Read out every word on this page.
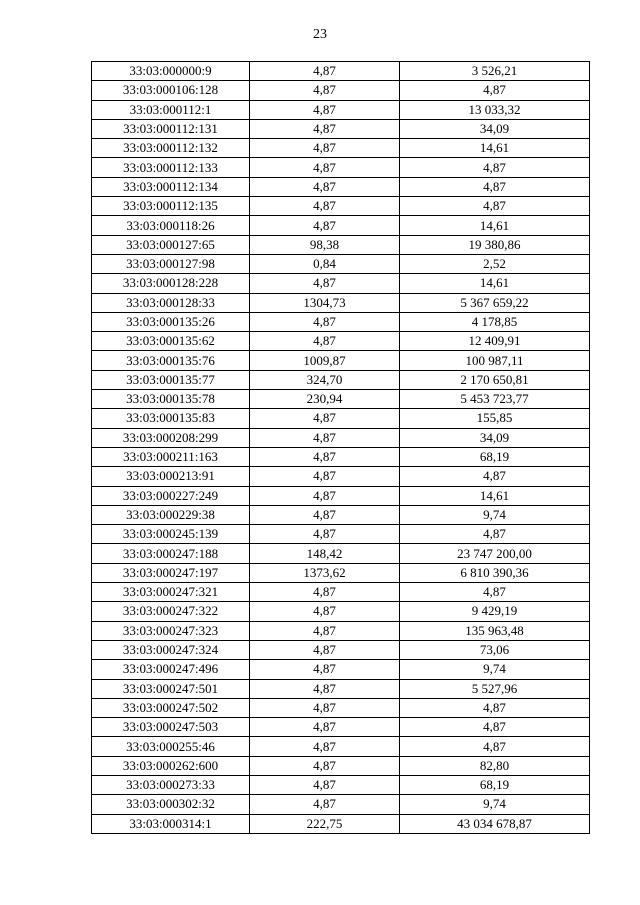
23
33:03:000000:9	4,87	3 526,21
33:03:000106:128	4,87	4,87
33:03:000112:1	4,87	13 033,32
33:03:000112:131	4,87	34,09
33:03:000112:132	4,87	14,61
33:03:000112:133	4,87	4,87
33:03:000112:134	4,87	4,87
33:03:000112:135	4,87	4,87
33:03:000118:26	4,87	14,61
33:03:000127:65	98,38	19 380,86
33:03:000127:98	0,84	2,52
33:03:000128:228	4,87	14,61
33:03:000128:33	1304,73	5 367 659,22
33:03:000135:26	4,87	4 178,85
33:03:000135:62	4,87	12 409,91
33:03:000135:76	1009,87	100 987,11
33:03:000135:77	324,70	2 170 650,81
33:03:000135:78	230,94	5 453 723,77
33:03:000135:83	4,87	155,85
33:03:000208:299	4,87	34,09
33:03:000211:163	4,87	68,19
33:03:000213:91	4,87	4,87
33:03:000227:249	4,87	14,61
33:03:000229:38	4,87	9,74
33:03:000245:139	4,87	4,87
33:03:000247:188	148,42	23 747 200,00
33:03:000247:197	1373,62	6 810 390,36
33:03:000247:321	4,87	4,87
33:03:000247:322	4,87	9 429,19
33:03:000247:323	4,87	135 963,48
33:03:000247:324	4,87	73,06
33:03:000247:496	4,87	9,74
33:03:000247:501	4,87	5 527,96
33:03:000247:502	4,87	4,87
33:03:000247:503	4,87	4,87
33:03:000255:46	4,87	4,87
33:03:000262:600	4,87	82,80
33:03:000273:33	4,87	68,19
33:03:000302:32	4,87	9,74
33:03:000314:1	222,75	43 034 678,87
